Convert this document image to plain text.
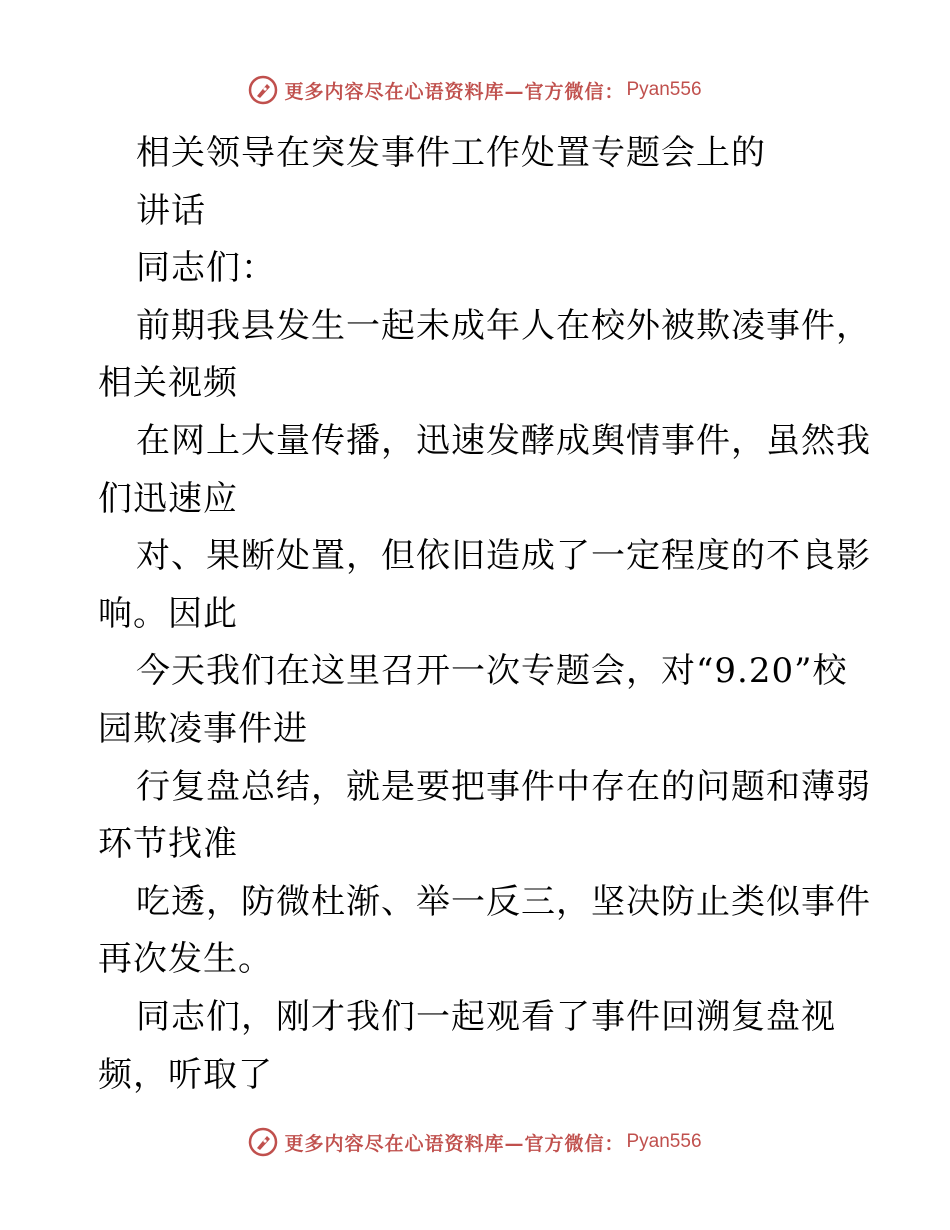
更多内容尽在心语资料库—官方微信： Pyan556
相关领导在突发事件工作处置专题会上的
讲话
同志们：
前期我县发生一起未成年人在校外被欺凌事件，
相关视频
在网上大量传播，迅速发酵成舆情事件，虽然我
们迅速应
对、果断处置，但依旧造成了一定程度的不良影
响。因此
今天我们在这里召开一次专题会，对“9.20”校
园欺凌事件进
行复盘总结，就是要把事件中存在的问题和薄弱
环节找准
吃透，防微杜渐、举一反三，坚决防止类似事件
再次发生。
同志们，刚才我们一起观看了事件回溯复盘视
频，听取了
更多内容尽在心语资料库—官方微信： Pyan556
